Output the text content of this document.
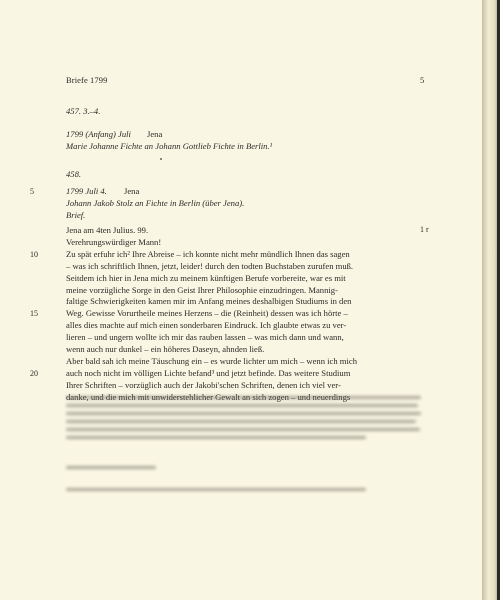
Briefe 1799	5
457. 3.–4.
1799 (Anfang) Juli Jena
Marie Johanne Fichte an Johann Gottlieb Fichte in Berlin.¹
458.
5	1799 Juli 4. Jena
Johann Jakob Stolz an Fichte in Berlin (über Jena).
Brief.
1 r
Jena am 4ten Julius. 99.
Verehrungswürdiger Mann!
Zu spät erfuhr ich² Ihre Abreise – ich konnte nicht mehr mündlich Ihnen das sagen
– was ich schriftlich Ihnen, jetzt, leider! durch den todten Buchstaben zurufen muß.
Seitdem ich hier in Jena mich zu meinem künftigen Berufe vorbereite, war es mit
meine vorzügliche Sorge in den Geist Ihrer Philosophie einzudringen. Mannig-
faltige Schwierigkeiten kamen mir im Anfang meines deshalbigen Studiums in den
Weg. Gewisse Vorurtheile meines Herzens – die (Reinheit) dessen was ich hörte –
alles dies machte auf mich einen sonderbaren Eindruck. Ich glaubte etwas zu ver-
lieren – und ungern wollte ich mir das rauben lassen – was mich dann und wann,
wenn auch nur dunkel – ein höheres Daseyn, ahnden ließ.
Aber bald sah ich meine Täuschung ein – es wurde lichter um mich – wenn ich mich
auch noch nicht im völligen Lichte befand³ und jetzt befinde. Das weitere Studium
Ihrer Schriften – vorzüglich auch der Jakobi'schen Schriften, denen ich viel ver-
10
15
20
